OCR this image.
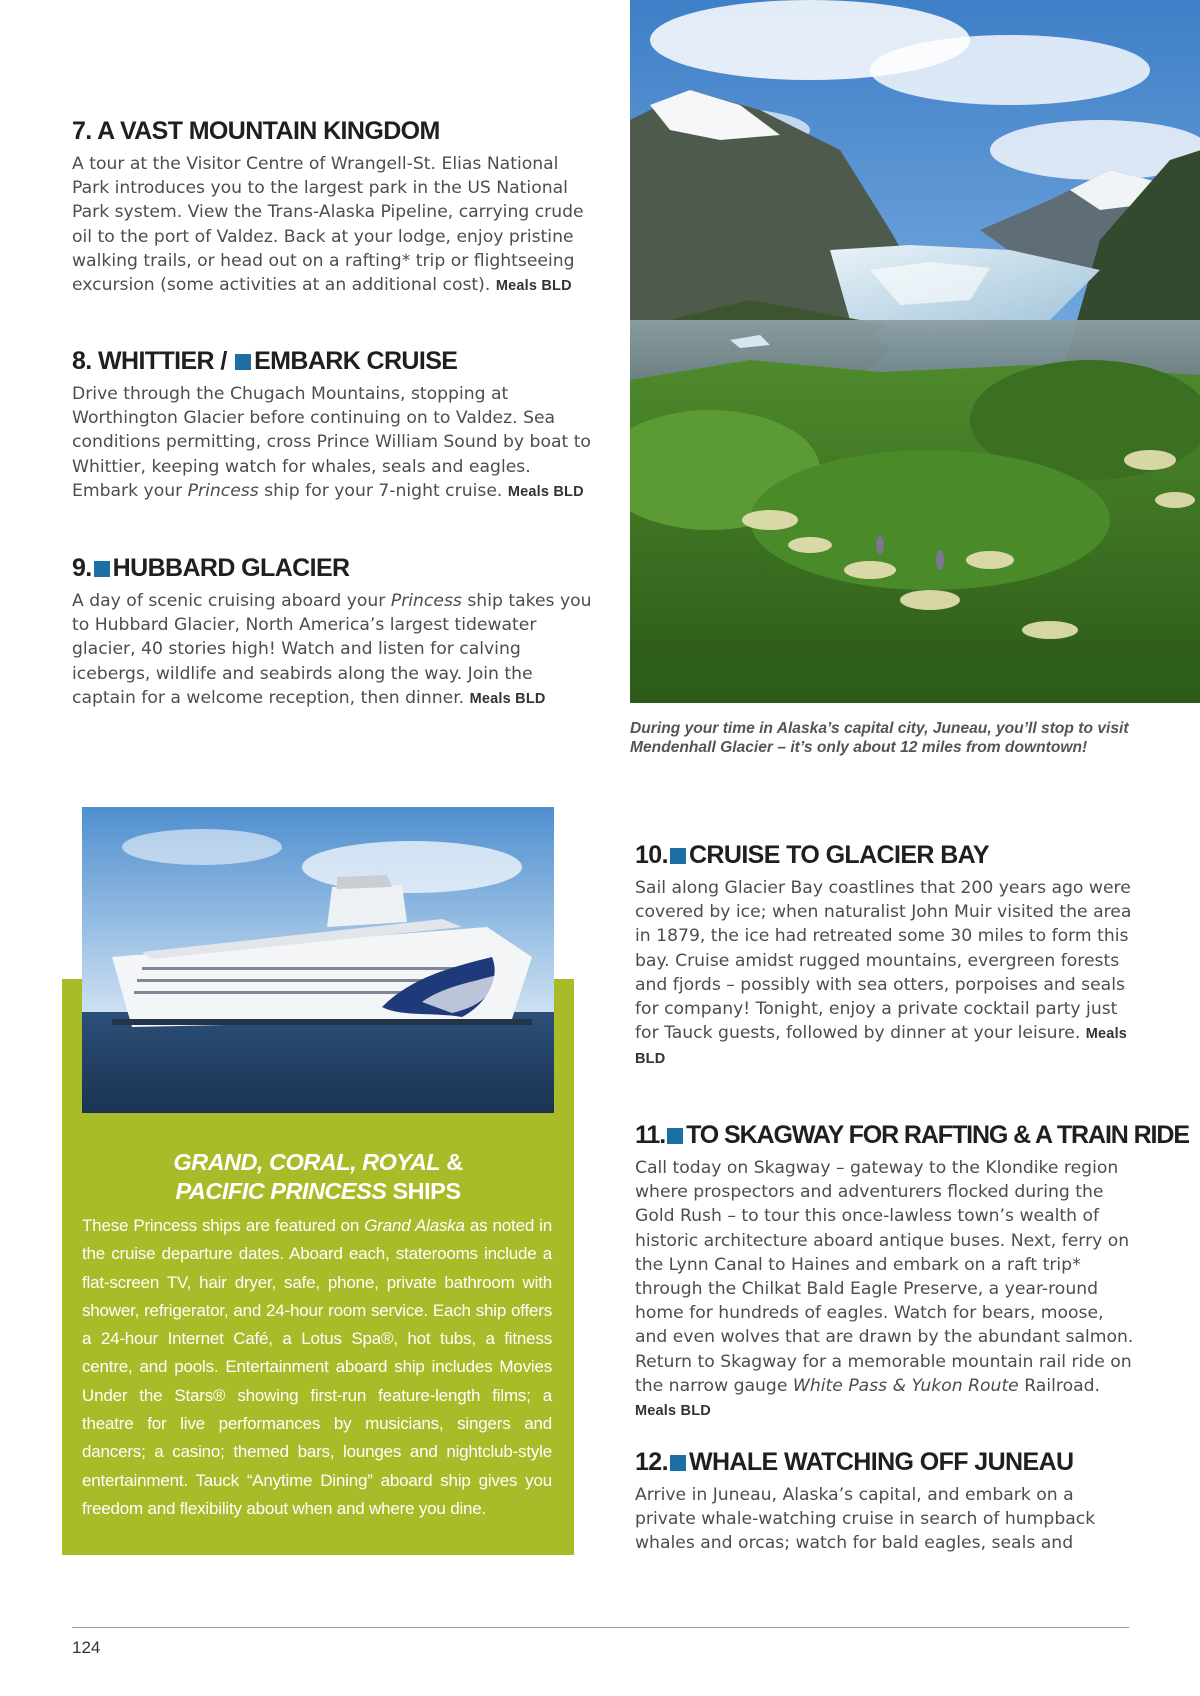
7. A VAST MOUNTAIN KINGDOM

A tour at the Visitor Centre of Wrangell-St. Elias National Park introduces you to the largest park in the US National Park system. View the Trans-Alaska Pipeline, carrying crude oil to the port of Valdez. Back at your lodge, enjoy pristine walking trails, or head out on a rafting* trip or flightseeing excursion (some activities at an additional cost). Meals BLD

8. WHITTIER / EMBARK CRUISE

Drive through the Chugach Mountains, stopping at Worthington Glacier before continuing on to Valdez. Sea conditions permitting, cross Prince William Sound by boat to Whittier, keeping watch for whales, seals and eagles. Embark your Princess ship for your 7-night cruise. Meals BLD

9. HUBBARD GLACIER

A day of scenic cruising aboard your Princess ship takes you to Hubbard Glacier, North America’s largest tidewater glacier, 40 stories high! Watch and listen for calving icebergs, wildlife and seabirds along the way. Join the captain for a welcome reception, then dinner. Meals BLD

During your time in Alaska’s capital city, Juneau, you’ll stop to visit Mendenhall Glacier – it’s only about 12 miles from downtown!

GRAND, CORAL, ROYAL &
PACIFIC PRINCESS SHIPS

These Princess ships are featured on Grand Alaska as noted in the cruise departure dates. Aboard each, staterooms include a flat-screen TV, hair dryer, safe, phone, private bathroom with shower, refrigerator, and 24-hour room service. Each ship offers a 24-hour Internet Café, a Lotus Spa®, hot tubs, a fitness centre, and pools. Entertainment aboard ship includes Movies Under the Stars® showing first-run feature-length films; a theatre for live performances by musicians, singers and dancers; a casino; themed bars, lounges and nightclub-style entertainment. Tauck “Anytime Dining” aboard ship gives you freedom and flexibility about when and where you dine.

10. CRUISE TO GLACIER BAY

Sail along Glacier Bay coastlines that 200 years ago were covered by ice; when naturalist John Muir visited the area in 1879, the ice had retreated some 30 miles to form this bay. Cruise amidst rugged mountains, evergreen forests and fjords – possibly with sea otters, porpoises and seals for company! Tonight, enjoy a private cocktail party just for Tauck guests, followed by dinner at your leisure. Meals BLD

11. TO SKAGWAY FOR RAFTING & A TRAIN RIDE

Call today on Skagway – gateway to the Klondike region where prospectors and adventurers flocked during the Gold Rush – to tour this once-lawless town’s wealth of historic architecture aboard antique buses. Next, ferry on the Lynn Canal to Haines and embark on a raft trip* through the Chilkat Bald Eagle Preserve, a year-round home for hundreds of eagles. Watch for bears, moose, and even wolves that are drawn by the abundant salmon. Return to Skagway for a memorable mountain rail ride on the narrow gauge White Pass & Yukon Route Railroad. Meals BLD

12. WHALE WATCHING OFF JUNEAU

Arrive in Juneau, Alaska’s capital, and embark on a private whale-watching cruise in search of humpback whales and orcas; watch for bald eagles, seals and

124
